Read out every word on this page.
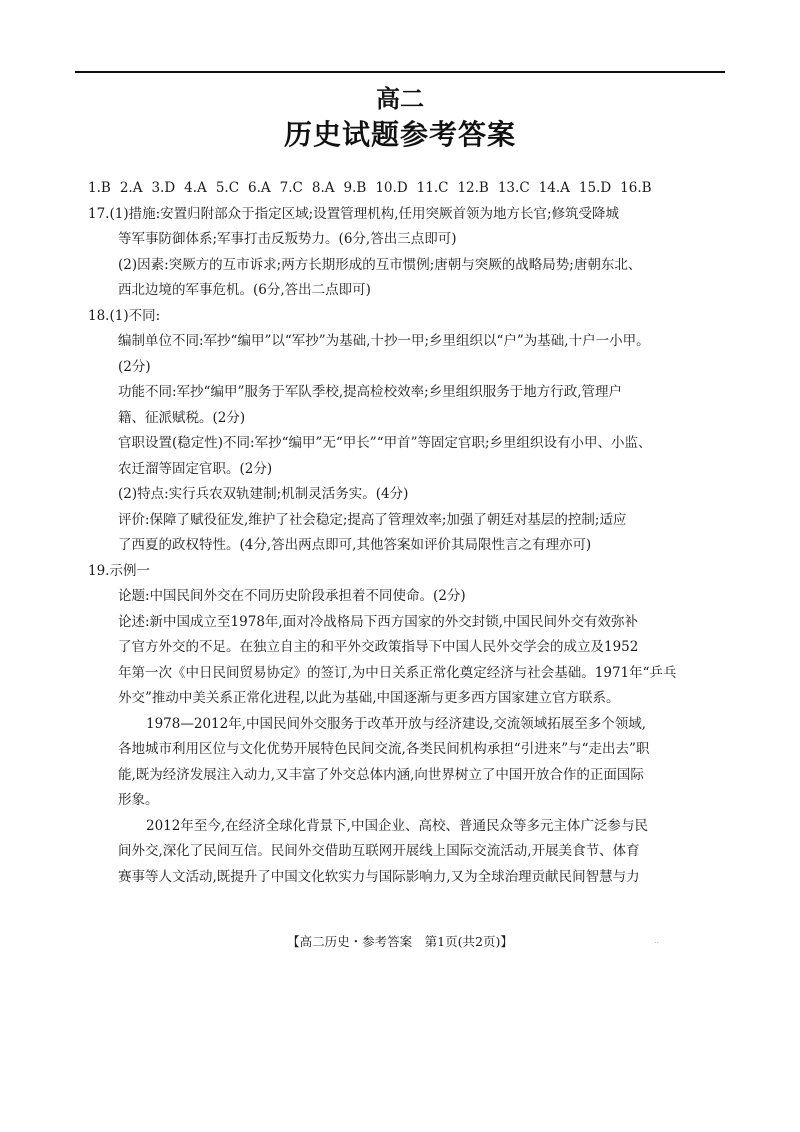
高二
历史试题参考答案
1.B 2.A 3.D 4.A 5.C 6.A 7.C 8.A 9.B 10.D 11.C 12.B 13.C 14.A 15.D 16.B
17.(1)措施:安置归附部众于指定区域;设置管理机构,任用突厥首领为地方长官;修筑受降城
等军事防御体系;军事打击反叛势力。(6分,答出三点即可)
(2)因素:突厥方的互市诉求;两方长期形成的互市惯例;唐朝与突厥的战略局势;唐朝东北、
西北边境的军事危机。(6分,答出二点即可)
18.(1)不同:
编制单位不同:军抄“编甲”以“军抄”为基础,十抄一甲;乡里组织以“户”为基础,十户一小甲。
(2分)
功能不同:军抄“编甲”服务于军队季校,提高检校效率;乡里组织服务于地方行政,管理户
籍、征派赋税。(2分)
官职设置(稳定性)不同:军抄“编甲”无“甲长”“甲首”等固定官职;乡里组织设有小甲、小监、
农迁溜等固定官职。(2分)
(2)特点:实行兵农双轨建制;机制灵活务实。(4分)
评价:保障了赋役征发,维护了社会稳定;提高了管理效率;加强了朝廷对基层的控制;适应
了西夏的政权特性。(4分,答出两点即可,其他答案如评价其局限性言之有理亦可)
19.示例一
论题:中国民间外交在不同历史阶段承担着不同使命。(2分)
论述:新中国成立至1978年,面对冷战格局下西方国家的外交封锁,中国民间外交有效弥补
了官方外交的不足。在独立自主的和平外交政策指导下中国人民外交学会的成立及1952
年第一次《中日民间贸易协定》的签订,为中日关系正常化奠定经济与社会基础。1971年“乒乓
外交”推动中美关系正常化进程,以此为基础,中国逐渐与更多西方国家建立官方联系。
1978—2012年,中国民间外交服务于改革开放与经济建设,交流领域拓展至多个领域,
各地城市利用区位与文化优势开展特色民间交流,各类民间机构承担“引进来”与“走出去”职
能,既为经济发展注入动力,又丰富了外交总体内涵,向世界树立了中国开放合作的正面国际
形象。
2012年至今,在经济全球化背景下,中国企业、高校、普通民众等多元主体广泛参与民
间外交,深化了民间互信。民间外交借助互联网开展线上国际交流活动,开展美食节、体育
赛事等人文活动,既提升了中国文化软实力与国际影响力,又为全球治理贡献民间智慧与力
【高二历史・参考答案　第1页(共2页)】	..
